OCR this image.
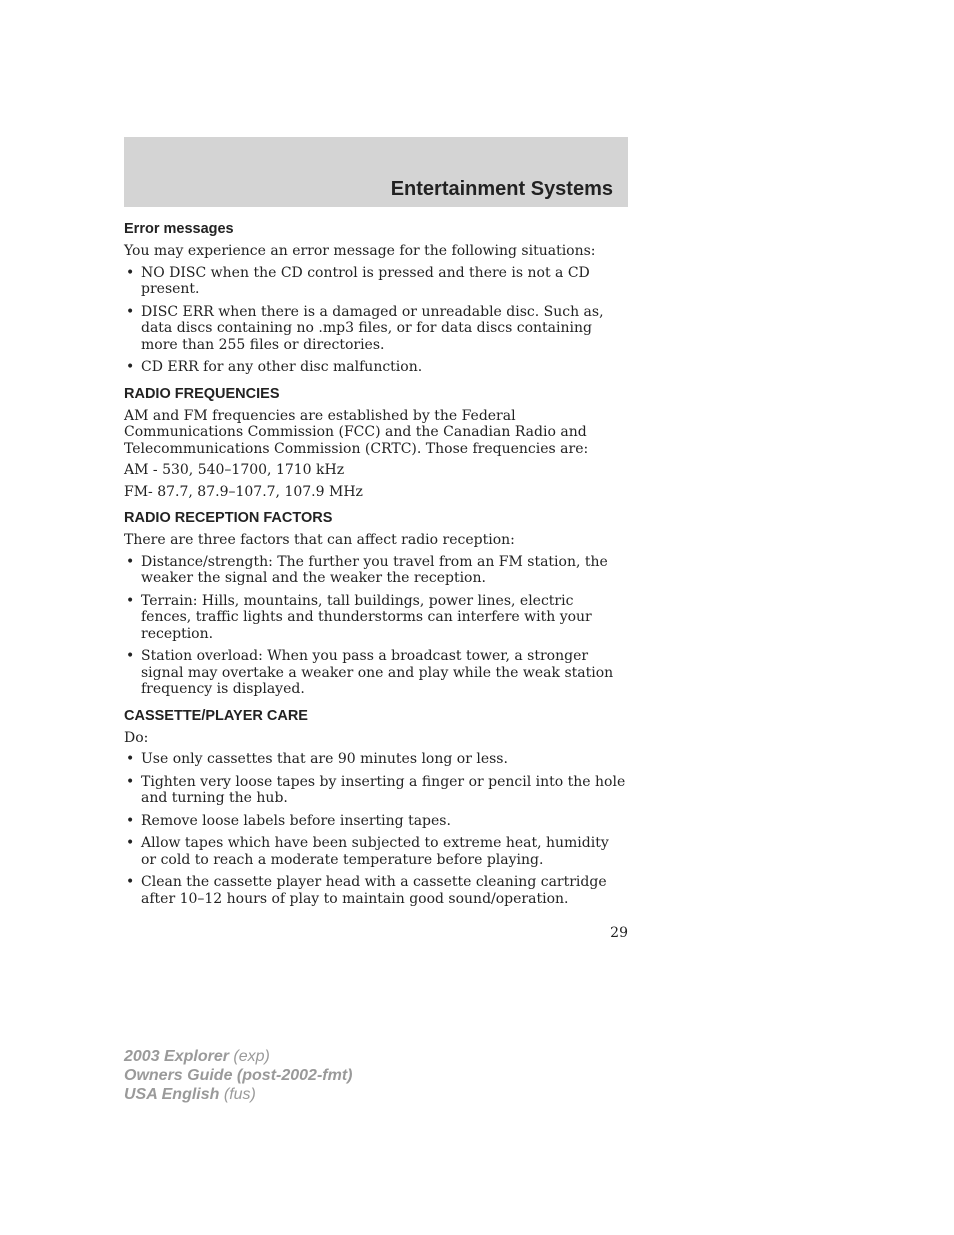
Entertainment Systems
Error messages

You may experience an error message for the following situations:

• NO DISC when the CD control is pressed and there is not a CD present.
• DISC ERR when there is a damaged or unreadable disc. Such as, data discs containing no .mp3 files, or for data discs containing more than 255 files or directories.
• CD ERR for any other disc malfunction.
RADIO FREQUENCIES

AM and FM frequencies are established by the Federal Communications Commission (FCC) and the Canadian Radio and Telecommunications Commission (CRTC). Those frequencies are:

AM - 530, 540–1700, 1710 kHz

FM- 87.7, 87.9–107.7, 107.9 MHz

RADIO RECEPTION FACTORS

There are three factors that can affect radio reception:

• Distance/strength: The further you travel from an FM station, the weaker the signal and the weaker the reception.
• Terrain: Hills, mountains, tall buildings, power lines, electric fences, traffic lights and thunderstorms can interfere with your reception.
• Station overload: When you pass a broadcast tower, a stronger signal may overtake a weaker one and play while the weak station frequency is displayed.
CASSETTE/PLAYER CARE

Do:

• Use only cassettes that are 90 minutes long or less.
• Tighten very loose tapes by inserting a finger or pencil into the hole and turning the hub.
• Remove loose labels before inserting tapes.
• Allow tapes which have been subjected to extreme heat, humidity or cold to reach a moderate temperature before playing.
• Clean the cassette player head with a cassette cleaning cartridge after 10–12 hours of play to maintain good sound/operation.
29
2003 Explorer (exp)
Owners Guide (post-2002-fmt)
USA English (fus)
